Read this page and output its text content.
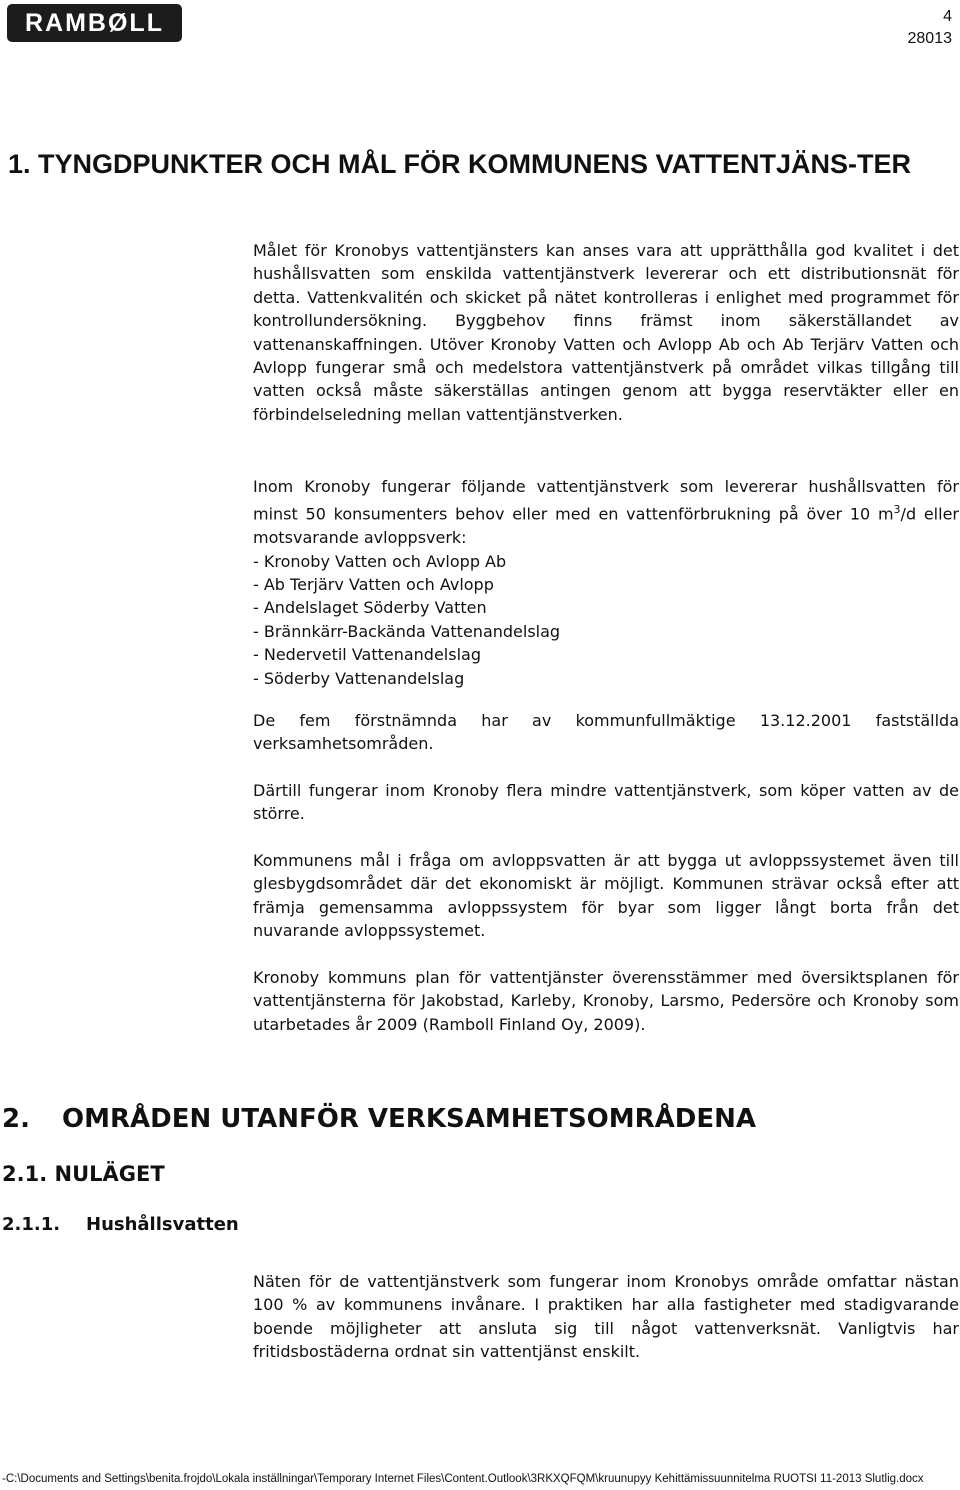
RAMBØLL	4
28013
1. TYNGDPUNKTER OCH MÅL FÖR KOMMUNENS VATTENTJÄNS-TER

Målet för Kronobys vattentjänsters kan anses vara att upprätthålla god kvalitet i det hushållsvatten som enskilda vattentjänstverk levererar och ett distributionsnät för detta. Vattenkvalitén och skicket på nätet kontrolleras i enlighet med programmet för kontrollundersökning. Byggbehov finns främst inom säkerställandet av vattenanskaffningen. Utöver Kronoby Vatten och Avlopp Ab och Ab Terjärv Vatten och Avlopp fungerar små och medelstora vattentjänstverk på området vilkas tillgång till vatten också måste säkerställas antingen genom att bygga reservtäkter eller en förbindelseledning mellan vattentjänstverken.

Inom Kronoby fungerar följande vattentjänstverk som levererar hushållsvatten för minst 50 konsumenters behov eller med en vattenförbrukning på över 10 $m^3/d$ eller motsvarande avloppsverk:

- Kronoby Vatten och Avlopp Ab
- Ab Terjärv Vatten och Avlopp
- Andelslaget Söderby Vatten
- Brännkärr-Backända Vattenandelslag
- Nedervetil Vattenandelslag
- Söderby Vattenandelslag

De fem förstnämnda har av kommunfullmäktige 13.12.2001 fastställda verksamhetsområden.

Därtill fungerar inom Kronoby flera mindre vattentjänstverk, som köper vatten av de större.

Kommunens mål i fråga om avloppsvatten är att bygga ut avloppssystemet även till glesbygdsområdet där det ekonomiskt är möjligt. Kommunen strävar också efter att främja gemensamma avloppssystem för byar som ligger långt borta från det nuvarande avloppssystemet.

Kronoby kommuns plan för vattentjänster överensstämmer med översiktsplanen för vattentjänsterna för Jakobstad, Karleby, Kronoby, Larsmo, Pedersöre och Kronoby som utarbetades år 2009 (Ramboll Finland Oy, 2009).

2. OMRÅDEN UTANFÖR VERKSAMHETSOMRÅDENA
2.1. NULÄGET
2.1.1. Hushållsvatten

Näten för de vattentjänstverk som fungerar inom Kronobys område omfattar nästan 100 % av kommunens invånare. I praktiken har alla fastigheter med stadigvarande boende möjligheter att ansluta sig till något vattenverksnät. Vanligtvis har fritidsbostäderna ordnat sin vattentjänst enskilt.

-C:\Documents and Settings\benita.frojdo\Lokala inställningar\Temporary Internet Files\Content.Outlook\3RKXQFQM\kruunupyy Kehittämissuunnitelma RUOTSI 11-2013 Slutlig.docx
